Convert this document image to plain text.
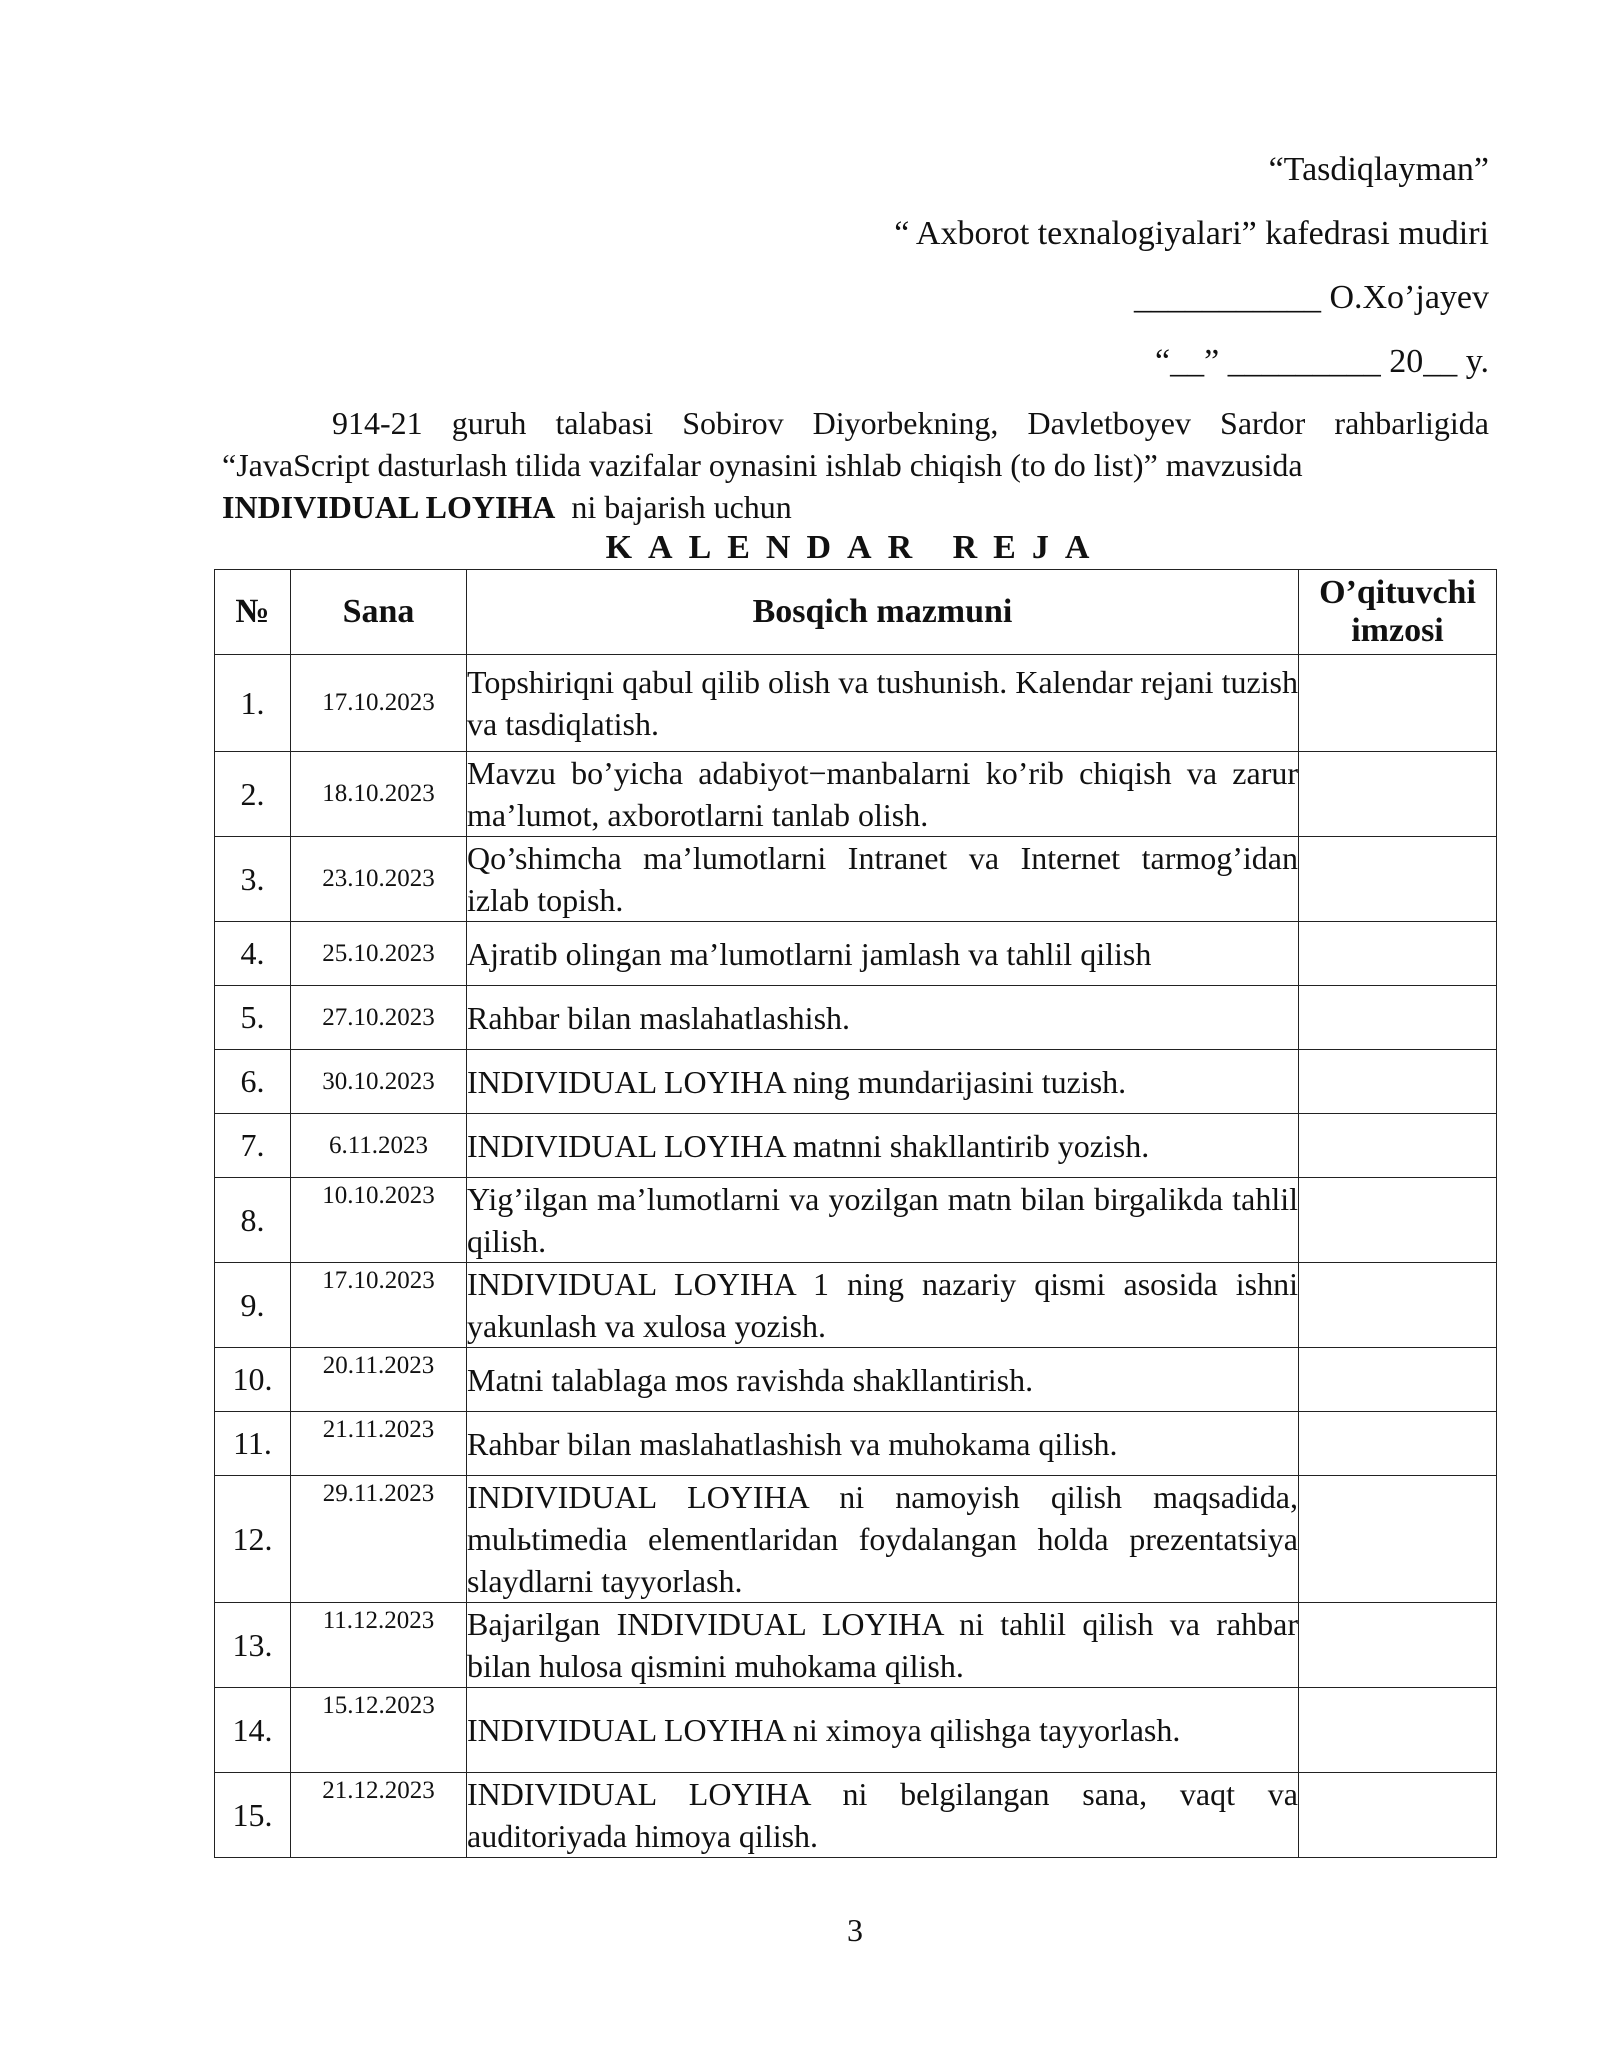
“Tasdiqlayman”
“ Axborot texnalogiyalari” kafedrasi mudiri
___________ O.Xo’jayev
“__” _________ 20__ y.

914-21 guruh talabasi Sobirov Diyorbekning, Davletboyev Sardor rahbarligida “JavaScript dasturlash tilida vazifalar oynasini ishlab chiqish (to do list)” mavzusida

INDIVIDUAL LOYIHA ni bajarish uchun

KALENDAR REJA
№	Sana	Bosqich mazmuni	O’qituvchi imzosi
1.	17.10.2023	Topshiriqni qabul qilib olish va tushunish. Kalendar rejani tuzish va tasdiqlatish.	
2.	18.10.2023	Mavzu bo’yicha adabiyot−manbalarni ko’rib chiqish va zarur ma’lumot, axborotlarni tanlab olish.	
3.	23.10.2023	Qo’shimcha ma’lumotlarni Intranet va Internet tarmog’idan izlab topish.	
4.	25.10.2023	Ajratib olingan ma’lumotlarni jamlash va tahlil qilish	
5.	27.10.2023	Rahbar bilan maslahatlashish.	
6.	30.10.2023	INDIVIDUAL LOYIHA ning mundarijasini tuzish.	
7.	6.11.2023	INDIVIDUAL LOYIHA matnni shakllantirib yozish.	
8.	10.10.2023	Yig’ilgan ma’lumotlarni va yozilgan matn bilan birgalikda tahlil qilish.	
9.	17.10.2023	INDIVIDUAL LOYIHA 1 ning nazariy qismi asosida ishni yakunlash va xulosa yozish.	
10.	20.11.2023	Matni talablaga mos ravishda shakllantirish.	
11.	21.11.2023	Rahbar bilan maslahatlashish va muhokama qilish.	
12.	29.11.2023	INDIVIDUAL LOYIHA ni namoyish qilish maqsadida, mulьtimedia elementlaridan foydalangan holda prezentatsiya slaydlarni tayyorlash.	
13.	11.12.2023	Bajarilgan INDIVIDUAL LOYIHA ni tahlil qilish va rahbar bilan hulosa qismini muhokama qilish.	
14.	15.12.2023	INDIVIDUAL LOYIHA ni ximoya qilishga tayyorlash.	
15.	21.12.2023	INDIVIDUAL LOYIHA ni belgilangan sana, vaqt va auditoriyada himoya qilish.	
3
